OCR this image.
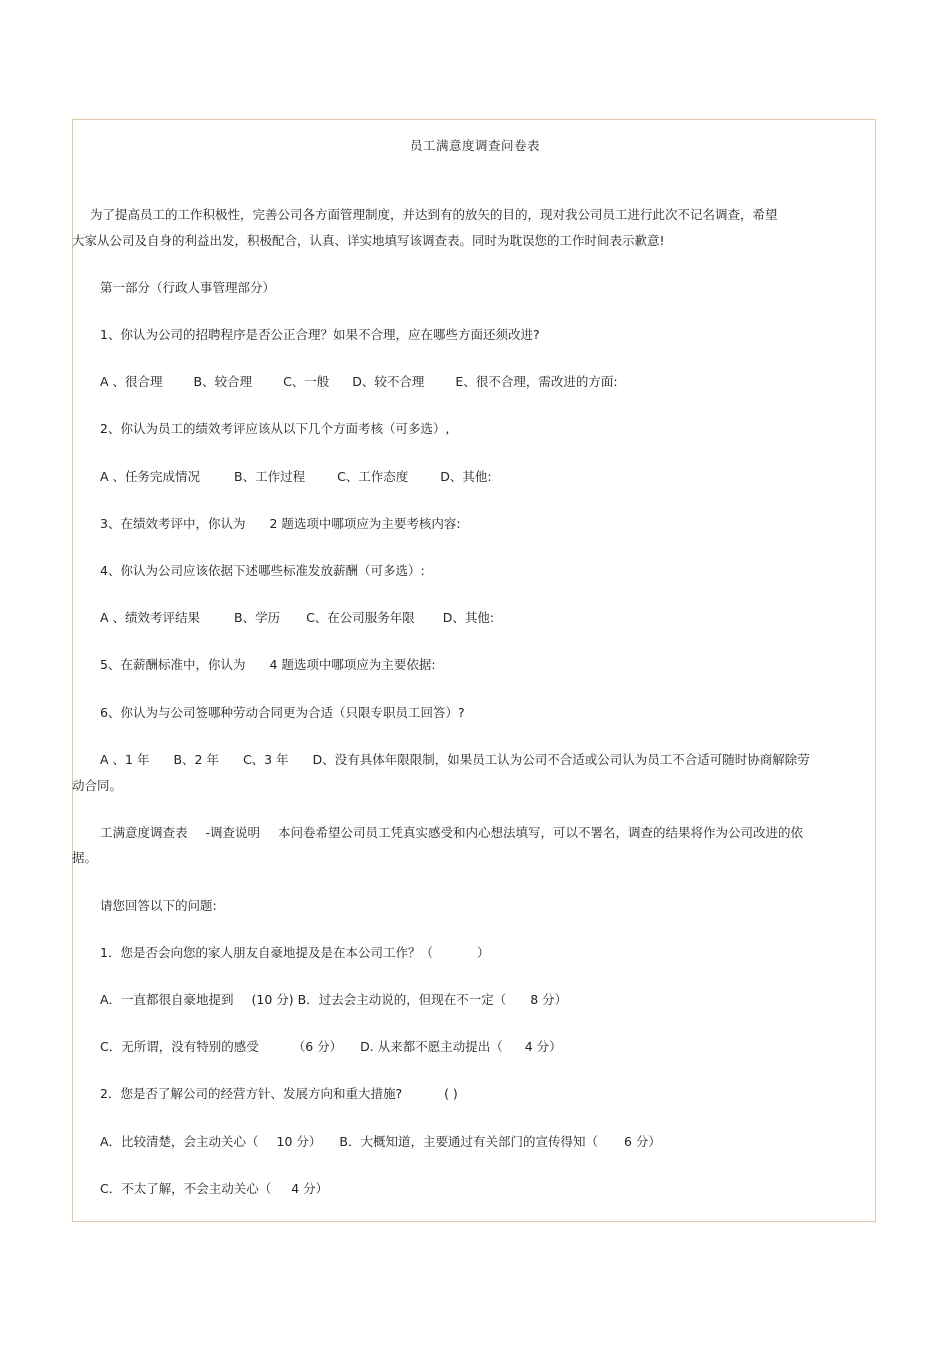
员工满意度调查问卷表
为了提高员工的工作积极性，完善公司各方面管理制度，并达到有的放矢的目的，现对我公司员工进行此次不记名调查，希望
大家从公司及自身的利益出发，积极配合，认真、详实地填写该调查表。同时为耽误您的工作时间表示歉意!
第一部分（行政人事管理部分）
1、你认为公司的招聘程序是否公正合理？如果不合理，应在哪些方面还须改进?
A 、很合理 B、较合理 C、一般 D、较不合理 E、很不合理，需改进的方面:
2、你认为员工的绩效考评应该从以下几个方面考核（可多选）,
A 、任务完成情况	B、工作过程	C、工作态度	D、其他:
3、在绩效考评中，你认为 2 题选项中哪项应为主要考核内容:
4、你认为公司应该依据下述哪些标准发放薪酬（可多选）:
A 、绩效考评结果	B、学历 C、在公司服务年限 D、其他:
5、在薪酬标准中，你认为 4 题选项中哪项应为主要依据:
6、你认为与公司签哪种劳动合同更为合适（只限专职员工回答）?
A 、1 年 B、2 年 C、3 年 D、没有具体年限限制，如果员工认为公司不合适或公司认为员工不合适可随时协商解除劳
动合同。
工满意度调查表 -调查说明 本问卷希望公司员工凭真实感受和内心想法填写，可以不署名，调查的结果将作为公司改进的依
据。
请您回答以下的问题:
1．您是否会向您的家人朋友自豪地提及是在本公司工作？（	）
A．一直都很自豪地提到 (10 分) B．过去会主动说的，但现在不一定（ 8 分）
C．无所谓，没有特别的感受	（6 分） D. 从来都不愿主动提出（ 4 分）
2．您是否了解公司的经营方针、发展方向和重大措施?	( )
A．比较清楚，会主动关心（ 10 分） B．大概知道，主要通过有关部门的宣传得知（ 6 分）
C．不太了解，不会主动关心（ 4 分）
